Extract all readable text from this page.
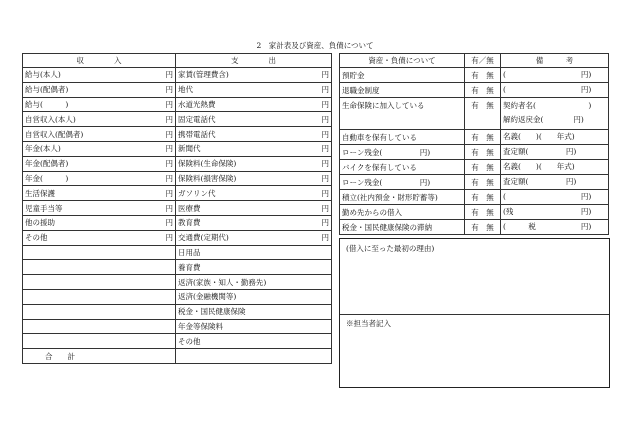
2　家計表及び資産、負債について
収　　　　入	
給与(本人)	円
給与(配偶者)	円
給与(　　　)	円
自営収入(本人)	円
自営収入(配偶者)	円
年金(本人)	円
年金(配偶者)	円
年金(　　　)	円
生活保護	円
児童手当等	円
他の援助	円
その他	円

合　　計	
支　　　　出
家賃(管理費含)	円

地代	円

水道光熱費	円

固定電話代	円

携帯電話代	円

新聞代	円

保険料(生命保険)	円

保険料(損害保険)	円

ガソリン代	円

医療費	円

教育費	円

交通費(定期代)	円

日用品

養育費

返済(家族・知人・勤務先)

返済(金融機関等)

税金・国民健康保険

年金等保険料

その他

資産・負債について	有／無	備　　　考
預貯金	有　無	(　　　　　　　　　　円)

退職金制度	有　無	(　　　　　　　　　　円)

生命保険に加入している	有　無	契約者名(　　　　　　　)
解約返戻金(　　　　円)

自動車を保有している	有　無	名義(　　)(　　年式)

ローン残金(　　　　　円)	有　無	査定額(　　　　　円)

バイクを保有している	有　無	名義(　　)(　　年式)

ローン残金(　　　　　円)	有　無	査定額(　　　　　円)

積立(社内預金・財形貯蓄等)	有　無	(　　　　　　　　　　円)

勤め先からの借入	有　無	(残　　　　　　　　　円)

税金・国民健康保険の滞納	有　無	(　　　税　　　　　　円)
(借入に至った最初の理由)
※担当者記入
